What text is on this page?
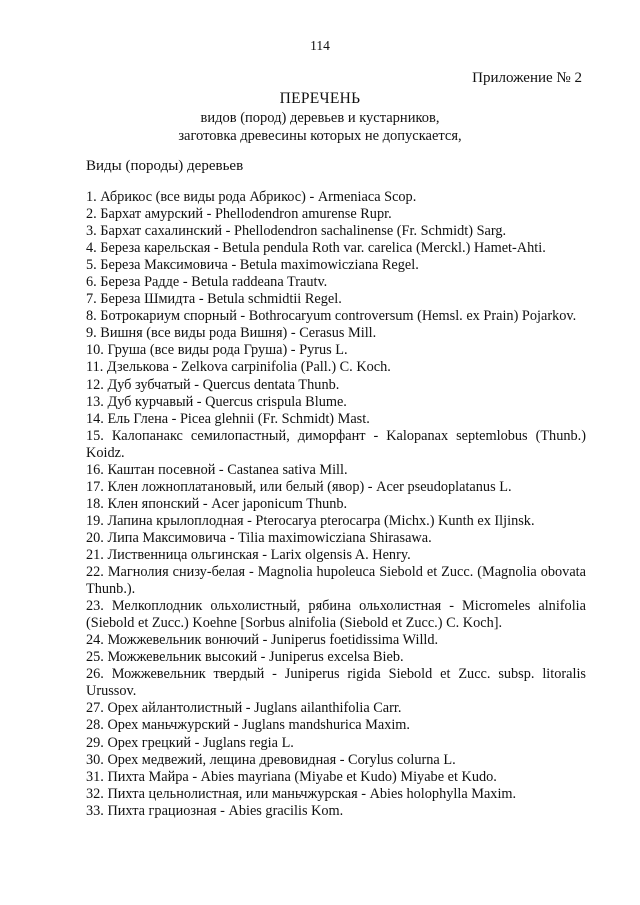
114
Приложение № 2
ПЕРЕЧЕНЬ
видов (пород) деревьев и кустарников,
заготовка древесины которых не допускается,
Виды (породы) деревьев
1. Абрикос (все виды рода Абрикос) - Armeniaca Scop.
2. Бархат амурский - Phellodendron amurense Rupr.
3. Бархат сахалинский - Phellodendron sachalinense (Fr. Schmidt) Sarg.
4. Береза карельская - Betula pendula Roth var. carelica (Merckl.) Hamet-Ahti.
5. Береза Максимовича - Betula maximowicziana Regel.
6. Береза Радде - Betula raddeana Trautv.
7. Береза Шмидта - Betula schmidtii Regel.
8. Ботрокариум спорный - Bothrocaryum controversum (Hemsl. ex Prain) Pojarkov.
9. Вишня (все виды рода Вишня) - Cerasus Mill.
10. Груша (все виды рода Груша) - Pyrus L.
11. Дзелькова - Zelkova carpinifolia (Pall.) C. Koch.
12. Дуб зубчатый - Quercus dentata Thunb.
13. Дуб курчавый - Quercus crispula Blume.
14. Ель Глена - Picea glehnii (Fr. Schmidt) Mast.
15. Калопанакс семилопастный, диморфант - Kalopanax septemlobus (Thunb.) Koidz.
16. Каштан посевной - Castanea sativa Mill.
17. Клен ложноплатановый, или белый (явор) - Acer pseudoplatanus L.
18. Клен японский - Acer japonicum Thunb.
19. Лапина крылоплодная - Pterocarya pterocarpa (Michx.) Kunth ex Iljinsk.
20. Липа Максимовича - Tilia maximowicziana Shirasawa.
21. Лиственница ольгинская - Larix olgensis A. Henry.
22. Магнолия снизу-белая - Magnolia hupoleuca Siebold et Zucc. (Magnolia obovata Thunb.).
23. Мелкоплодник ольхолистный, рябина ольхолистная - Micromeles alnifolia (Siebold et Zucc.) Koehne [Sorbus alnifolia (Siebold et Zucc.) C. Koch].
24. Можжевельник вонючий - Juniperus foetidissima Willd.
25. Можжевельник высокий - Juniperus excelsa Bieb.
26. Можжевельник твердый - Juniperus rigida Siebold et Zucc. subsp. litoralis Urussov.
27. Орех айлантолистный - Juglans ailanthifolia Carr.
28. Орех маньчжурский - Juglans mandshurica Maxim.
29. Орех грецкий - Juglans regia L.
30. Орех медвежий, лещина древовидная - Corylus colurna L.
31. Пихта Майра - Abies mayriana (Miyabe et Kudo) Miyabe et Kudo.
32. Пихта цельнолистная, или маньчжурская - Abies holophylla Maxim.
33. Пихта грациозная - Abies gracilis Kom.
